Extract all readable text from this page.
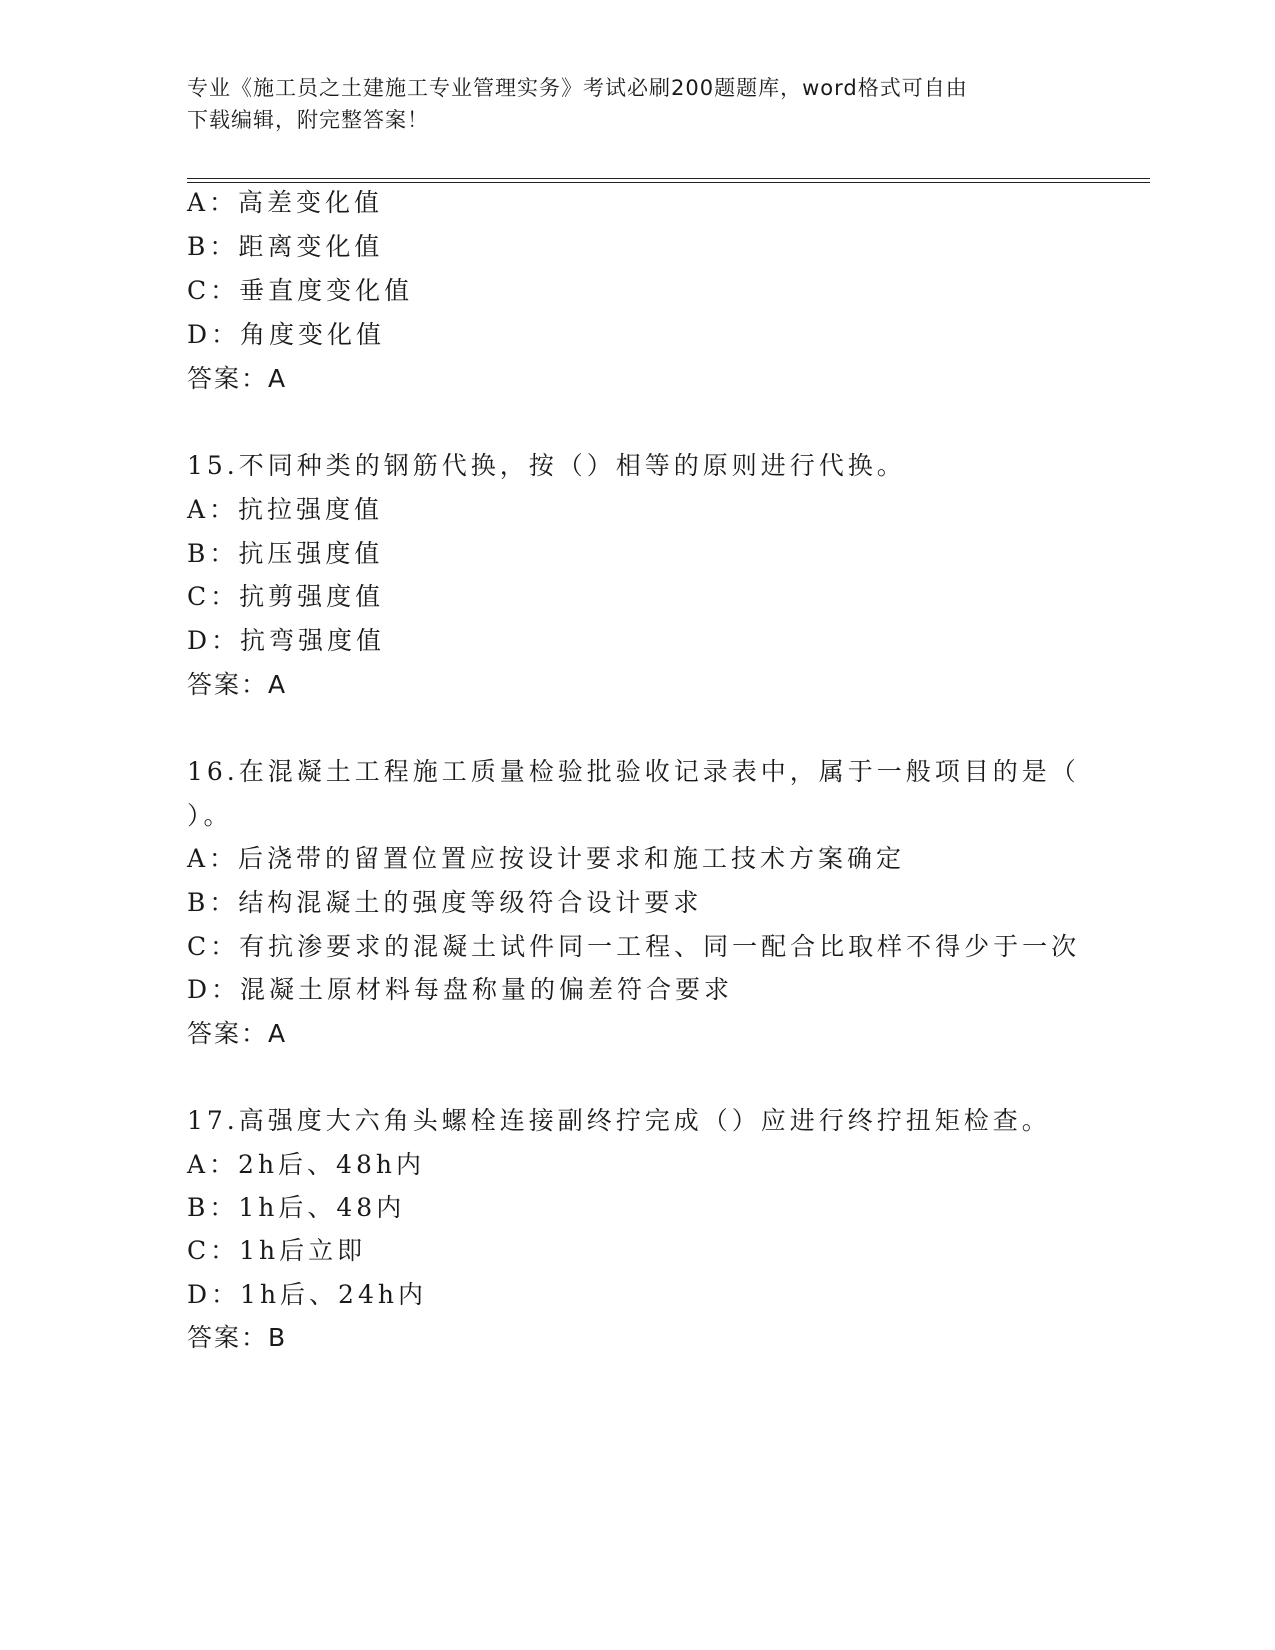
专业《施工员之土建施工专业管理实务》考试必刷200题题库，word格式可自由
下载编辑，附完整答案！
A：高差变化值
B：距离变化值
C：垂直度变化值
D：角度变化值
答案：A
15.不同种类的钢筋代换，按（）相等的原则进行代换。
A：抗拉强度值
B：抗压强度值
C：抗剪强度值
D：抗弯强度值
答案：A
16.在混凝土工程施工质量检验批验收记录表中，属于一般项目的是（
）。
A：后浇带的留置位置应按设计要求和施工技术方案确定
B：结构混凝土的强度等级符合设计要求
C：有抗渗要求的混凝土试件同一工程、同一配合比取样不得少于一次
D：混凝土原材料每盘称量的偏差符合要求
答案：A
17.高强度大六角头螺栓连接副终拧完成（）应进行终拧扭矩检查。
A：2h后、48h内
B：1h后、48内
C：1h后立即
D：1h后、24h内
答案：B
